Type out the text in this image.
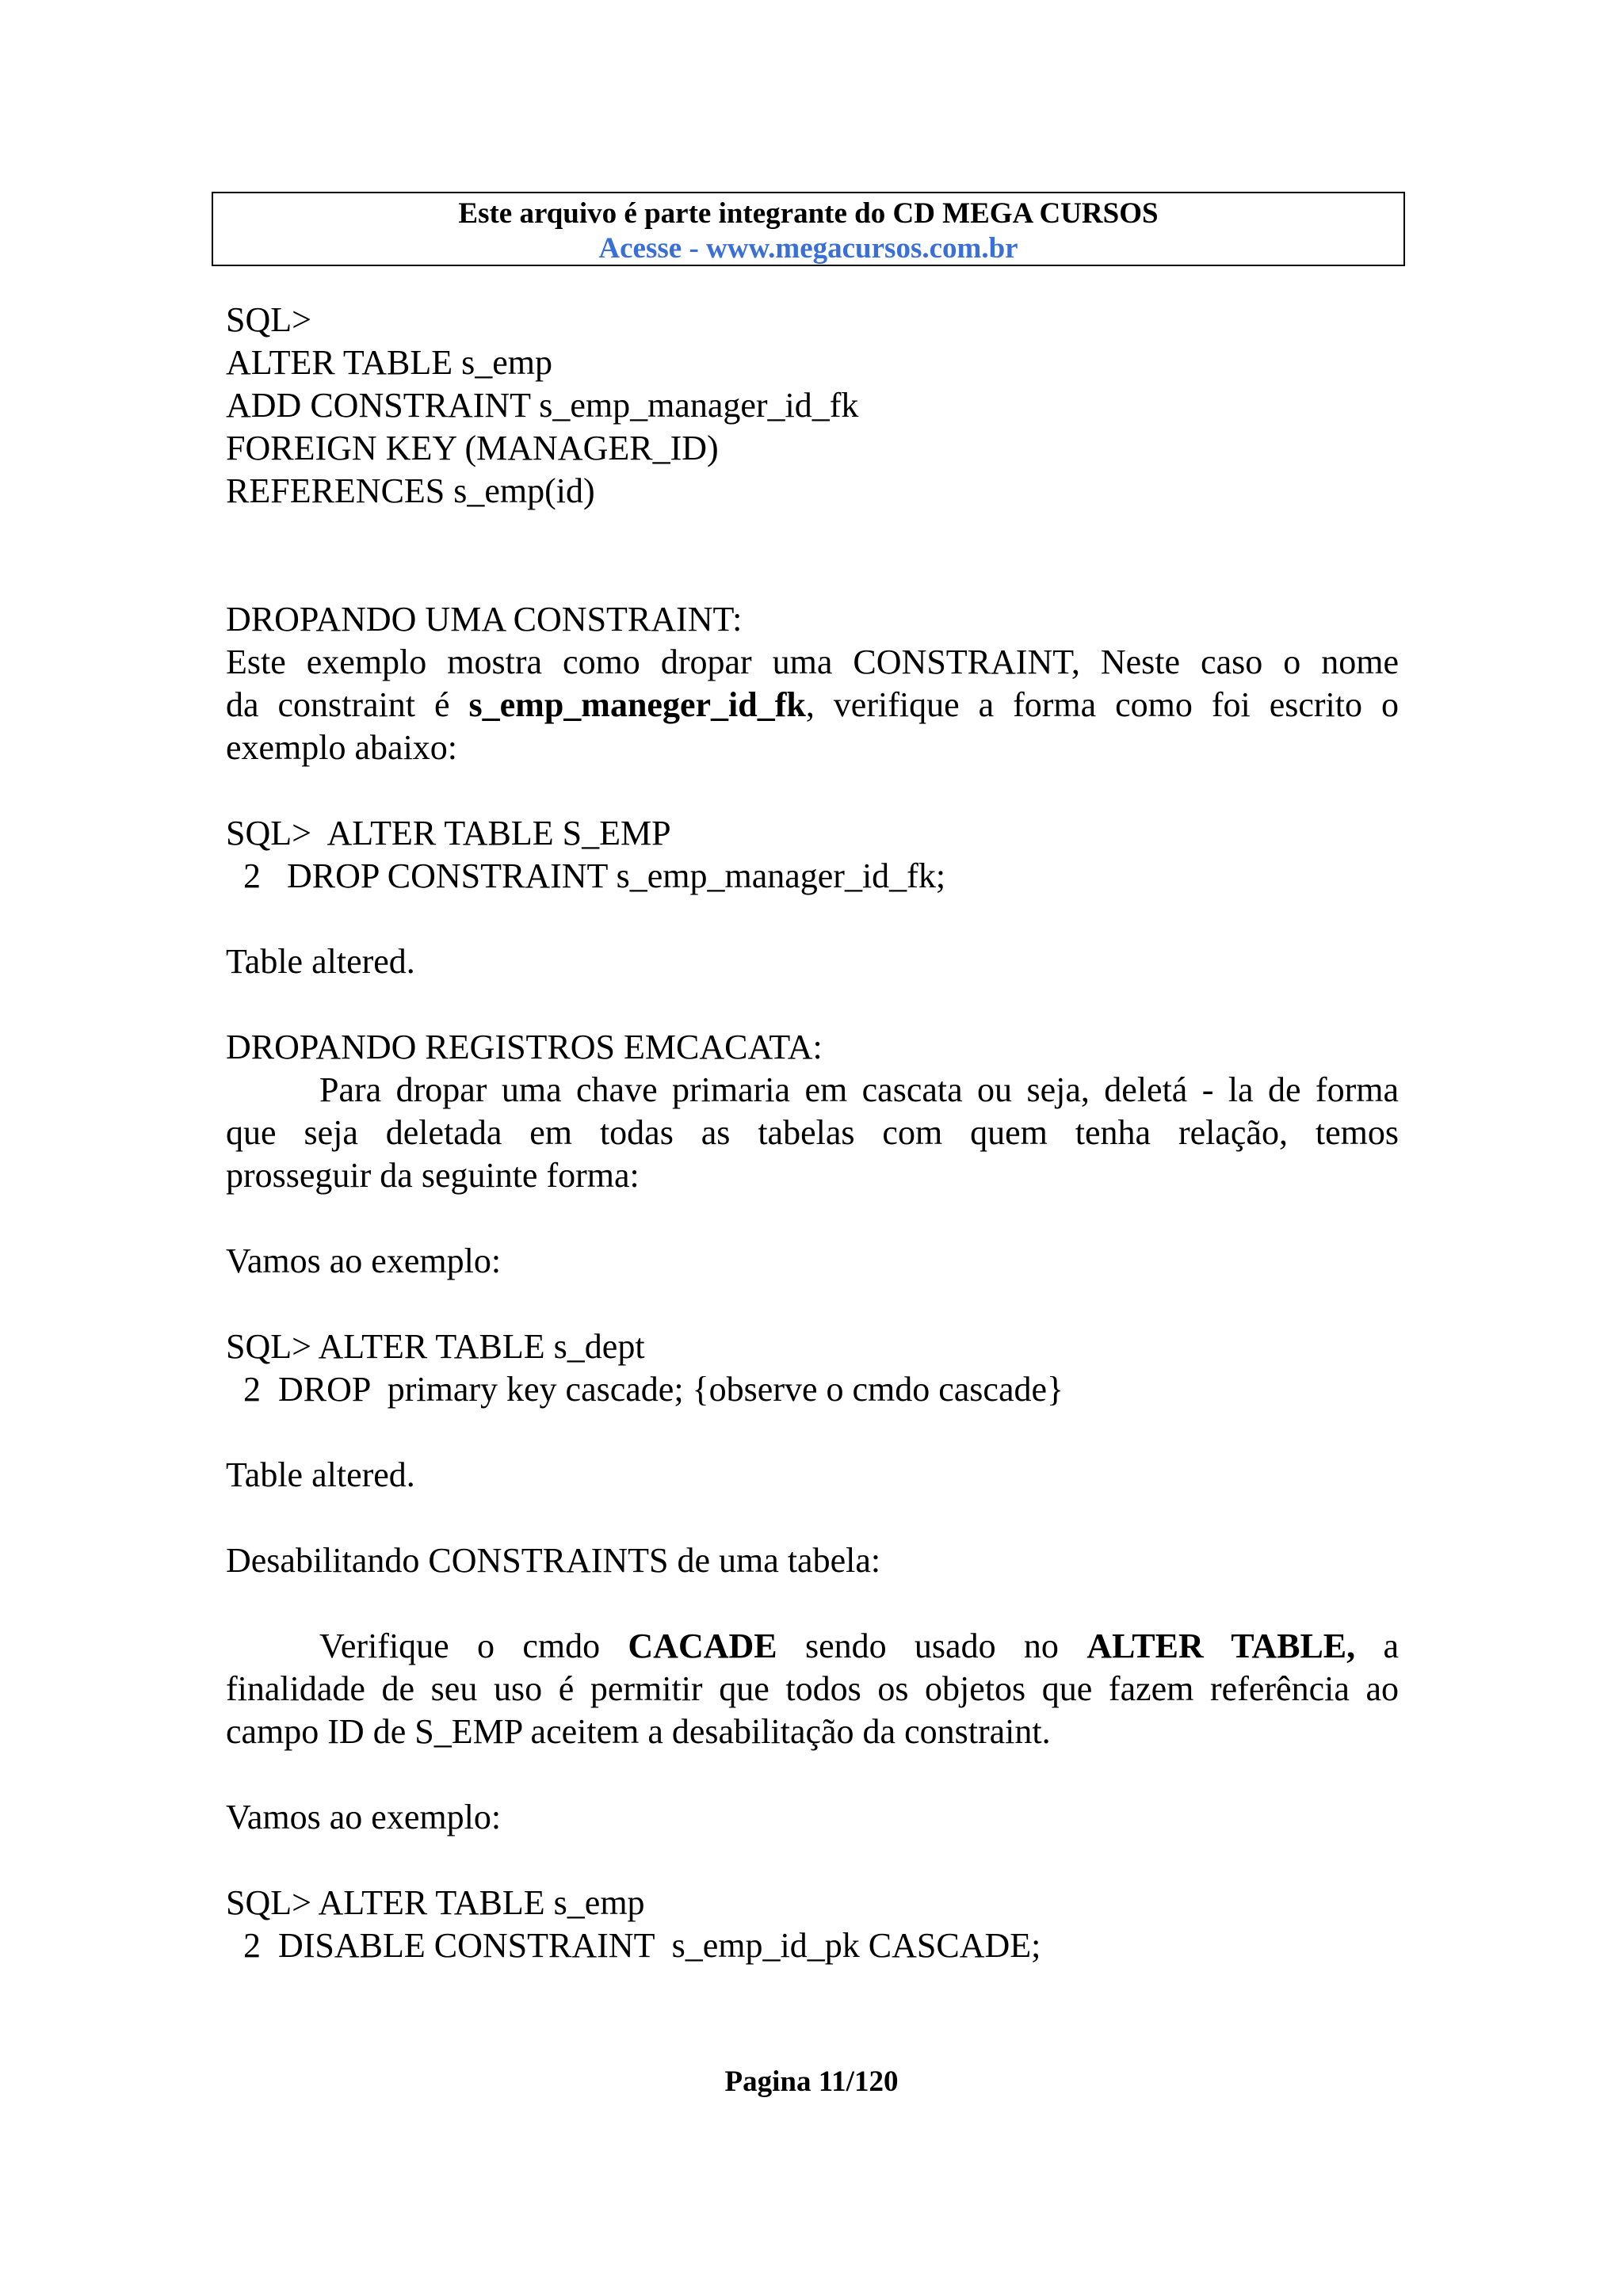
Este arquivo é parte integrante do CD MEGA CURSOS
Acesse - www.megacursos.com.br
SQL>
ALTER TABLE s_emp
ADD CONSTRAINT s_emp_manager_id_fk
FOREIGN KEY (MANAGER_ID)
REFERENCES s_emp(id)
DROPANDO UMA CONSTRAINT:
Este exemplo mostra como dropar uma CONSTRAINT, Neste caso o nome
da constraint é s_emp_maneger_id_fk, verifique a forma como foi escrito o
exemplo abaixo:
SQL>  ALTER TABLE S_EMP
2   DROP CONSTRAINT s_emp_manager_id_fk;
Table altered.
DROPANDO REGISTROS EMCACATA:
Para dropar uma chave primaria em cascata ou seja, deletá - la de forma
que seja deletada em todas as tabelas com quem tenha relação, temos
prosseguir da seguinte forma:
Vamos ao exemplo:
SQL> ALTER TABLE s_dept
2  DROP  primary key cascade; {observe o cmdo cascade}
Table altered.
Desabilitando CONSTRAINTS de uma tabela:
Verifique o cmdo CACADE sendo usado no ALTER TABLE, a
finalidade de seu uso é permitir que todos os objetos que fazem referência ao
campo ID de S_EMP aceitem a desabilitação da constraint.
Vamos ao exemplo:
SQL> ALTER TABLE s_emp
2  DISABLE CONSTRAINT  s_emp_id_pk CASCADE;
Pagina 11/120
